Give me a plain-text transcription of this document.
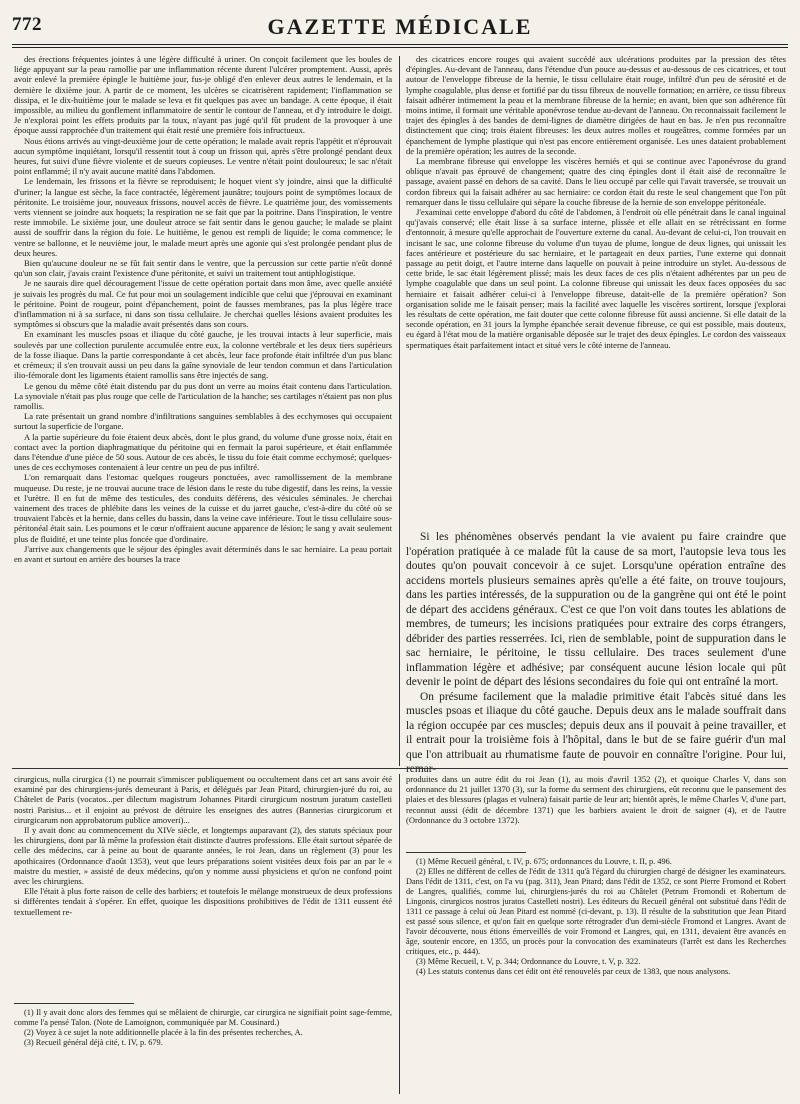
GAZETTE MÉDICALE
772

des érections fréquentes jointes à une légère difficulté à uriner. On conçoit facilement que les boules de liége appuyant sur la peau ramollie par une inflammation récente durent l'ulcérer promptement. Aussi, après avoir enlevé la première épingle le huitième jour, fus-je obligé d'en enlever deux autres le lendemain, et la dernière le dixième jour. A partir de ce moment, les ulcères se cicatrisèrent rapidement; l'inflammation se dissipa, et le dix-huitième jour le malade se leva et fit quelques pas avec un bandage. A cette époque, il était impossible, au milieu du gonflement inflammatoire de sentir le contour de l'anneau, et d'y introduire le doigt. Je n'explorai point les effets produits par la toux, n'ayant pas jugé qu'il fût prudent de la provoquer à une époque aussi rapprochée d'un traitement qui était resté une première fois infructueux.

Nous étions arrivés au vingt-deuxième jour de cette opération; le malade avait repris l'appétit et n'éprouvait aucun symptôme inquiétant, lorsqu'il ressentit tout à coup un frisson qui, après s'être prolongé pendant deux heures, fut suivi d'une fièvre violente et de sueurs copieuses. Le ventre n'était point douloureux; le sac n'était point enflammé; il n'y avait aucune matité dans l'abdomen.

Le lendemain, les frissons et la fièvre se reproduisent; le hoquet vient s'y joindre, ainsi que la difficulté d'uriner; la langue est sèche, la face contractée, légèrement jaunâtre; toujours point de symptômes locaux de péritonite. Le troisième jour, nouveaux frissons, nouvel accès de fièvre. Le quatrième jour, des vomissements verts viennent se joindre aux hoquets; la respiration ne se fait que par la poitrine. Dans l'inspiration, le ventre reste immobile. Le sixième jour, une douleur atroce se fait sentir dans le genou gauche; le malade se plaint aussi de souffrir dans la région du foie. Le huitième, le genou est rempli de liquide; le coma commence; le ventre se ballonne, et le neuvième jour, le malade meurt après une agonie qui s'est prolongée pendant plus de deux heures.

Bien qu'aucune douleur ne se fût fait sentir dans le ventre, que la percussion sur cette partie n'eût donné qu'un son clair, j'avais craint l'existence d'une péritonite, et suivi un traitement tout antiphlogistique.

Je ne saurais dire quel découragement l'issue de cette opération portait dans mon âme, avec quelle anxiété je suivais les progrès du mal. Ce fut pour moi un soulagement indicible que celui que j'éprouvai en examinant le péritoine. Point de rougeur, point d'épanchement, point de fausses membranes, pas la plus légère trace d'inflammation ni à sa surface, ni dans son tissu cellulaire. Je cherchai quelles lésions avaient produites les symptômes si obscurs que la maladie avait présentés dans son cours.

En examinant les muscles psoas et iliaque du côté gauche, je les trouvai intacts à leur superficie, mais soulevés par une collection purulente accumulée entre eux, la colonne vertébrale et les deux tiers supérieurs de la fosse iliaque. Dans la partie correspondante à cet abcès, leur face profonde était infiltrée d'un pus blanc et crémeux; il s'en trouvait aussi un peu dans la gaîne synoviale de leur tendon commun et dans l'articulation ilio-fémorale dont les ligaments étaient ramollis sans être injectés de sang.

Le genou du même côté était distendu par du pus dont un verre au moins était contenu dans l'articulation. La synoviale n'était pas plus rouge que celle de l'articulation de la hanche; ses cartilages n'étaient pas non plus ramollis.

La rate présentait un grand nombre d'infiltrations sanguines semblables à des ecchymoses qui occupaient surtout la superficie de l'organe.

A la partie supérieure du foie étaient deux abcès, dont le plus grand, du volume d'une grosse noix, était en contact avec la portion diaphragmatique du péritoine qui en fermait la paroi supérieure, et était enflammée dans l'étendue d'une pièce de 50 sous. Autour de ces abcès, le tissu du foie était comme ecchymosé; quelques-unes de ces ecchymoses contenaient à leur centre un peu de pus infiltré.

L'on remarquait dans l'estomac quelques rougeurs ponctuées, avec ramollissement de la membrane muqueuse. Du reste, je ne trouvai aucune trace de lésion dans le reste du tube digestif, dans les reins, la vessie et l'urètre. Il en fut de même des testicules, des conduits déférens, des vésicules séminales. Je cherchai vainement des traces de phlébite dans les veines de la cuisse et du jarret gauche, c'est-à-dire du côté où se trouvaient l'abcès et la hernie, dans celles du bassin, dans la veine cave inférieure. Tout le tissu cellulaire sous-péritonéal était sain. Les poumons et le cœur n'offraient aucune apparence de lésion; le sang y avait seulement plus de fluidité, et une teinte plus foncée que d'ordinaire.

J'arrive aux changements que le séjour des épingles avait déterminés dans le sac herniaire. La peau portait en avant et surtout en arrière des bourses la trace

des cicatrices encore rouges qui avaient succédé aux ulcérations produites par la pression des têtes d'épingles. Au-devant de l'anneau, dans l'étendue d'un pouce au-dessus et au-dessous de ces cicatrices, et tout autour de l'enveloppe fibreuse de la hernie, le tissu cellulaire était rouge, infiltré d'un peu de sérosité et de lymphe coagulable, plus dense et fortifié par du tissu fibreux de nouvelle formation; en arrière, ce tissu fibreux faisait adhérer intimement la peau et la membrane fibreuse de la hernie; en avant, bien que son adhérence fût moins intime, il formait une véritable aponévrose tendue au-devant de l'anneau. On reconnaissait facilement le trajet des épingles à des bandes de demi-lignes de diamètre dirigées de haut en bas. Je n'en pus reconnaître distinctement que cinq; trois étaient fibreuses: les deux autres molles et rougeâtres, comme formées par un épanchement de lymphe plastique qui n'est pas encore entièrement organisée. Les unes dataient probablement de la première opération; les autres de la seconde.

La membrane fibreuse qui enveloppe les viscères herniés et qui se continue avec l'aponévrose du grand oblique n'avait pas éprouvé de changement; quatre des cinq épingles dont il était aisé de reconnaître le passage, avaient passé en dehors de sa cavité. Dans le lieu occupé par celle qui l'avait traversée, se trouvait un cordon fibreux qui la faisait adhérer au sac herniaire: ce cordon était du reste le seul changement que l'on pût remarquer dans le tissu cellulaire qui sépare la couche fibreuse de la hernie de son enveloppe péritonéale.

J'examinai cette enveloppe d'abord du côté de l'abdomen, à l'endroit où elle pénétrait dans le canal inguinal qu'j'avais conservé; elle était lisse à sa surface interne, plissée et elle allait en se rétrécissant en forme d'entonnoir, à mesure qu'elle approchait de l'ouverture externe du canal. Au-devant de celui-ci, l'on trouvait en incisant le sac, une colonne fibreuse du volume d'un tuyau de plume, longue de deux lignes, qui unissait les faces antérieure et postérieure du sac herniaire, et le partageait en deux parties, l'une externe qui donnait passage au petit doigt, et l'autre interne dans laquelle on pouvait à peine introduire un stylet. Au-dessous de cette bride, le sac était légèrement plissé; mais les deux faces de ces plis n'étaient adhérentes par un peu de lymphe coagulable que dans un seul point. La colonne fibreuse qui unissait les deux faces opposées du sac herniaire et faisait adhérer celui-ci à l'enveloppe fibreuse, datait-elle de la première opération? Son organisation solide me le faisait penser; mais la facilité avec laquelle les viscères sortirent, lorsque j'explorai les résultats de cette opération, me fait douter que cette colonne fibreuse fût aussi ancienne. Si elle datait de la seconde opération, en 31 jours la lymphe épanchée serait devenue fibreuse, ce qui est possible, mais douteux, eu égard à l'état mou de la matière organisable déposée sur le trajet des deux épingles. Le cordon des vaisseaux spermatiques était parfaitement intact et situé vers le côté interne de l'anneau.

Si les phénomènes observés pendant la vie avaient pu faire craindre que l'opération pratiquée à ce malade fût la cause de sa mort, l'autopsie leva tous les doutes qu'on pouvait concevoir à ce sujet. Lorsqu'une opération entraîne des accidens mortels plusieurs semaines après qu'elle a été faite, on trouve toujours, dans les parties intéressés, de la suppuration ou de la gangrène qui ont été le point de départ des accidens généraux. C'est ce que l'on voit dans toutes les ablations de membres, de tumeurs; les incisions pratiquées pour extraire des corps étrangers, débrider des parties resserrées. Ici, rien de semblable, point de suppuration dans le sac herniaire, le péritoine, le tissu cellulaire. Des traces seulement d'une inflammation légère et adhésive; par conséquent aucune lésion locale qui pût devenir le point de départ des lésions secondaires du foie qui ont entraîné la mort.

On présume facilement que la maladie primitive était l'abcès situé dans les muscles psoas et iliaque du côté gauche. Depuis deux ans le malade souffrait dans la région occupée par ces muscles; depuis deux ans il pouvait à peine travailler, et il entrait pour la troisième fois à l'hôpital, dans le but de se faire guérir d'un mal que l'on attribuait au rhumatisme faute de pouvoir en connaître l'origine. Pour lui, remar-

cirurgicus, nulla cirurgica (1) ne pourrait s'immiscer publiquement ou occultement dans cet art sans avoir été examiné par des chirurgiens-jurés demeurant à Paris, et délégués par Jean Pitard, chirurgien-juré du roi, au Châtelet de Paris (vocatos...per dilectum magistrum Johannes Pitardi cirurgicum nostrum juratum castelleti nostri Parisius... et il enjoint au prévost de détruire les enseignes des autres (Bannerias cirurgicorum et cirurgicarum non approbatorum publice amoveri)...

Il y avait donc au commencement du XIVe siècle, et longtemps auparavant (2), des statuts spéciaux pour les chirurgiens, dont par là même la profession était distincte d'autres professions. Elle était surtout séparée de celle des médecins, car à peine au bout de quarante années, le roi Jean, dans un règlement (3) pour les apothicaires (Ordonnance d'août 1353), veut que leurs préparations soient visitées deux fois par an par le « maistre du mestier, » assisté de deux médecins, qu'on y nomme aussi physiciens et qu'on ne confond point avec les chirurgiens.

Elle l'était à plus forte raison de celle des barbiers; et toutefois le mélange monstrueux de deux professions si différentes tendait à s'opérer. En effet, quoique les dispositions prohibitives de l'édit de 1311 eussent été textuellement re-

(1) Il y avait donc alors des femmes qui se mêlaient de chirurgie, car cirurgica ne signifiait point sage-femme, comme l'a pensé Talon. (Note de Lamoignon, communiquée par M. Cousinard.)

(2) Voyez à ce sujet la note additionnelle placée à la fin des présentes recherches, A.

(3) Recueil général déjà cité, t. IV, p. 679.

produites dans un autre édit du roi Jean (1), au mois d'avril 1352 (2), et quoique Charles V, dans son ordonnance du 21 juillet 1370 (3), sur la forme du serment des chirurgiens, eût reconnu que le pansement des plaies et des blessures (plagas et vulnera) faisait partie de leur art; bientôt après, le même Charles V, d'une part, reconnut aussi (édit de décembre 1371) que les barbiers avaient le droit de saigner (4), et de l'autre (Ordonnance du 3 octobre 1372).

(1) Même Recueil général, t. IV, p. 675; ordonnances du Louvre, t. II, p. 496.

(2) Elles ne diffèrent de celles de l'édit de 1311 qu'à l'égard du chirurgien chargé de désigner les examinateurs. Dans l'édit de 1311, c'est, on l'a vu (pag. 311), Jean Pitard; dans l'édit de 1352, ce sont Pierre Fromond et Robert de Langres, qualifiés, comme lui, chirurgiens-jurés du roi au Châtelet (Petrum Fromondi et Robertum de Lingonis, cirurgicos nostros juratos Castelleti nostri). Les éditeurs du Recueil général ont substitué dans l'édit de 1311 ce passage à celui où Jean Pitard est nommé (ci-devant, p. 13). Il résulte de la substitution que Jean Pitard est passé sous silence, et qu'on fait en quelque sorte rétrograder d'un demi-siècle Fromond et Langres. Avant de l'avoir découverte, nous étions émerveillés de voir Fromond et Langres, qui, en 1311, devaient être avancés en âge, soutenir encore, en 1355, un procès pour la convocation des examinateurs (l'arrêt est dans les Recherches critiques, etc., p. 444).

(3) Même Recueil, t. V, p. 344; Ordonnance du Louvre, t. V, p. 322.

(4) Les statuts contenus dans cet édit ont été renouvelés par ceux de 1383, que nous analysons.
